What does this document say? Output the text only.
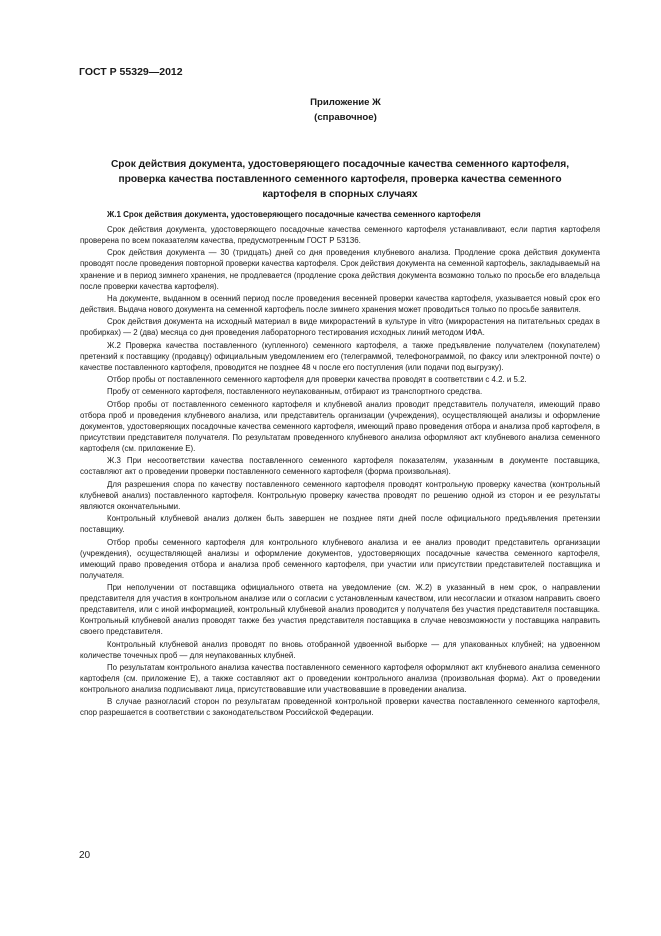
ГОСТ Р 55329—2012
Приложение Ж
(справочное)
Срок действия документа, удостоверяющего посадочные качества семенного картофеля,
проверка качества поставленного семенного картофеля, проверка качества семенного
картофеля в спорных случаях

Ж.1 Срок действия документа, удостоверяющего посадочные качества семенного картофеля

Срок действия документа, удостоверяющего посадочные качества семенного картофеля устанавливают, если партия картофеля проверена по всем показателям качества, предусмотренным ГОСТ Р 53136.

Срок действия документа — 30 (тридцать) дней со дня проведения клубневого анализа. Продление срока действия документа проводят после проведения повторной проверки качества картофеля. Срок действия документа на семенной картофель, закладываемый на хранение и в период зимнего хранения, не продлевается (продление срока действия документа возможно только по просьбе его владельца после проверки качества картофеля).

На документе, выданном в осенний период после проведения весенней проверки качества картофеля, указывается новый срок его действия. Выдача нового документа на семенной картофель после зимнего хранения может проводиться только по просьбе заявителя.

Срок действия документа на исходный материал в виде микрорастений в культуре in vitro (микрорастения на питательных средах в пробирках) — 2 (два) месяца со дня проведения лабораторного тестирования исходных линий методом ИФА.

Ж.2 Проверка качества поставленного (купленного) семенного картофеля, а также предъявление получателем (покупателем) претензий к поставщику (продавцу) официальным уведомлением его (телеграммой, телефонограммой, по факсу или электронной почте) о качестве поставленного картофеля, проводится не позднее 48 ч после его поступления (или подачи под выгрузку).

Отбор пробы от поставленного семенного картофеля для проверки качества проводят в соответствии с 4.2. и 5.2.

Пробу от семенного картофеля, поставленного неупакованным, отбирают из транспортного средства.

Отбор пробы от поставленного семенного картофеля и клубневой анализ проводит представитель получателя, имеющий право отбора проб и проведения клубневого анализа, или представитель организации (учреждения), осуществляющей анализы и оформление документов, удостоверяющих посадочные качества семенного картофеля, имеющий право проведения отбора и анализа проб картофеля, в присутствии представителя получателя. По результатам проведенного клубневого анализа оформляют акт клубневого анализа семенного картофеля (см. приложение Е).

Ж.3 При несоответствии качества поставленного семенного картофеля показателям, указанным в документе поставщика, составляют акт о проведении проверки поставленного семенного картофеля (форма произвольная).

Для разрешения спора по качеству поставленного семенного картофеля проводят контрольную проверку качества (контрольный клубневой анализ) поставленного картофеля. Контрольную проверку качества проводят по решению одной из сторон и ее результаты являются окончательными.

Контрольный клубневой анализ должен быть завершен не позднее пяти дней после официального предъявления претензии поставщику.

Отбор пробы семенного картофеля для контрольного клубневого анализа и ее анализ проводит представитель организации (учреждения), осуществляющей анализы и оформление документов, удостоверяющих посадочные качества семенного картофеля, имеющий право проведения отбора и анализа проб семенного картофеля, при участии или присутствии представителей поставщика и получателя.

При неполучении от поставщика официального ответа на уведомление (см. Ж.2) в указанный в нем срок, о направлении представителя для участия в контрольном анализе или о согласии с установленным качеством, или несогласии и отказом направить своего представителя, или с иной информацией, контрольный клубневой анализ проводится у получателя без участия представителя поставщика. Контрольный клубневой анализ проводят также без участия представителя поставщика в случае невозможности у поставщика направить своего представителя.

Контрольный клубневой анализ проводят по вновь отобранной удвоенной выборке — для упакованных клубней; на удвоенном количестве точечных проб — для неупакованных клубней.

По результатам контрольного анализа качества поставленного семенного картофеля оформляют акт клубневого анализа семенного картофеля (см. приложение Е), а также составляют акт о проведении контрольного анализа (произвольная форма). Акт о проведении контрольного анализа подписывают лица, присутствовавшие или участвовавшие в проведении анализа.

В случае разногласий сторон по результатам проведенной контрольной проверки качества поставленного семенного картофеля, спор разрешается в соответствии с законодательством Российской Федерации.

20
